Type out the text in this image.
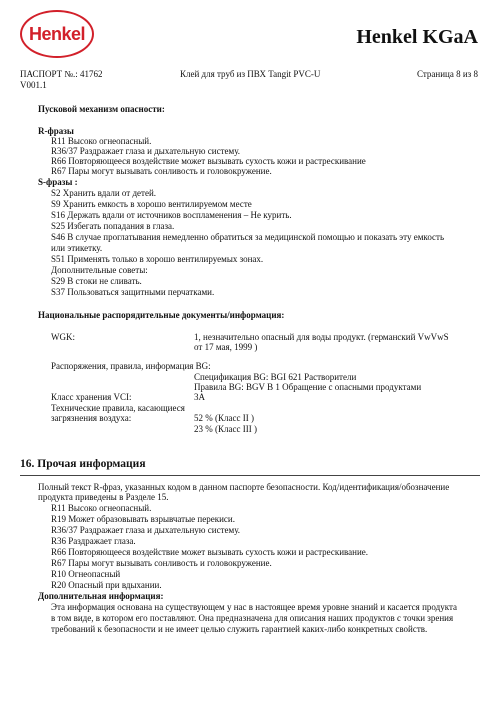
Henkel	Henkel KGaA
ПАСПОРТ №.: 41762
V001.1
Клей для труб из ПВХ Tangit PVC-U	Страница 8 из 8
Пусковой механизм опасности:
R-фразы
R11 Высоко огнеопасный.
R36/37 Раздражает глаза и дыхательную систему.
R66 Повторяющееся воздействие может вызывать сухость кожи и растрескивание
R67 Пары могут вызывать сонливость и головокружение.
S-фразы :
S2 Хранить вдали от детей.
S9 Хранить емкость в хорошо вентилируемом месте
S16 Держать вдали от источников воспламенения – Не курить.
S25 Избегать попадания в глаза.
S46 В случае проглатывания немедленно обратиться за медицинской помощью и показать эту емкость
или этикетку.
S51 Применять только в хорошо вентилируемых зонах.
Дополнительные советы:
S29 В стоки не сливать.
S37 Пользоваться защитными перчатками.
Национальные распорядительные документы/информация:
WGK:	1, незначительно опасный для воды продукт. (германский VwVwS
от 17 мая, 1999 )
Распоряжения, правила, информация BG:
Спецификация BG: BGI 621 Растворители
Правила BG: BGV B 1 Обращение с опасными продуктами
Класс хранения VCI:	3А
Технические правила, касающиеся
загрязнения воздуха:	52 % (Класс II )
23 % (Класс III )
16. Прочая информация
Полный текст R-фраз, указанных кодом в данном паспорте безопасности. Код/идентификация/обозначение
продукта приведены в Разделе 15.
R11 Высоко огнеопасный.
R19 Может образовывать взрывчатые перекиси.
R36/37 Раздражает глаза и дыхательную систему.
R36 Раздражает глаза.
R66 Повторяющееся воздействие может вызывать сухость кожи и растрескивание.
R67 Пары могут вызывать сонливость и головокружение.
R10 Огнеопасный
R20 Опасный при вдыхании.
Дополнительная информация:
Эта информация основана на существующем у нас в настоящее время уровне знаний и касается продукта
в том виде, в котором его поставляют. Она предназначена для описания наших продуктов с точки зрения
требований к безопасности и не имеет целью служить гарантией каких-либо конкретных свойств.
